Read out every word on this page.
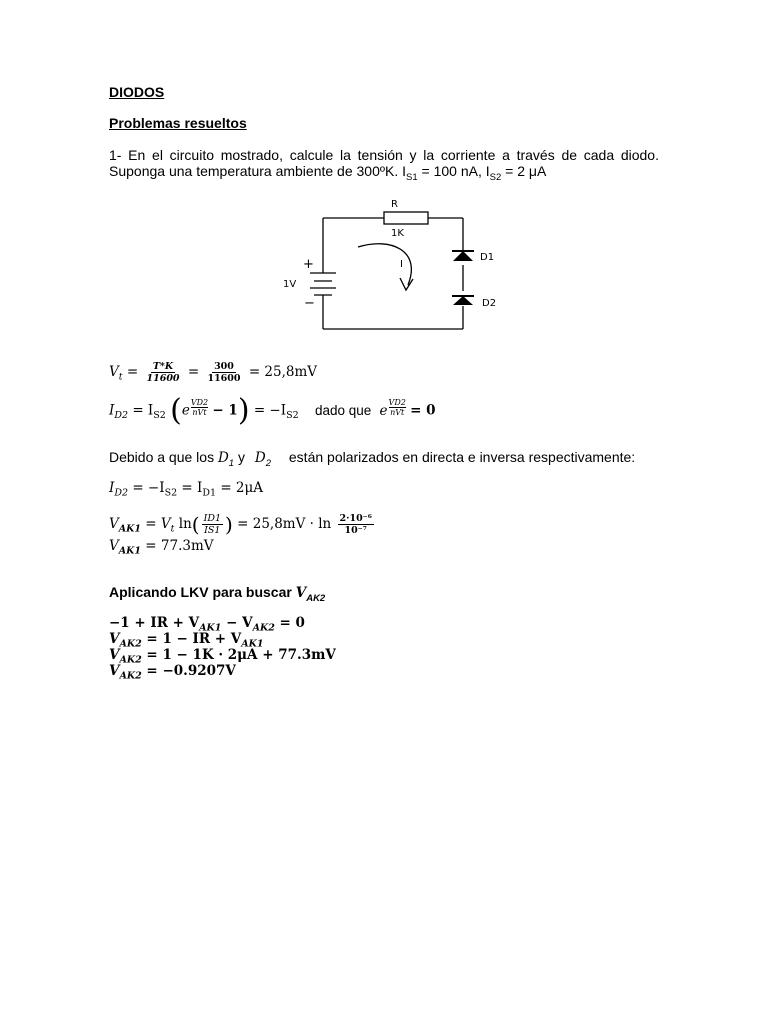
DIODOS
Problemas resueltos
1- En el circuito mostrado, calcule la tensión y la corriente a través de cada diodo.
Suponga una temperatura ambiente de 300ºK. $I_{S1} = 100$ nA, $I_{S2} = 2$ μA
R
1K
1V
+
−
I
D1
D2
$V_t = \frac{T*K}{11600} = \frac{300}{11600} = 25,8mV$
$I_{D2} = I_{S2}$ (e
VD2
nVt − $1) = -I_{S2}$ dado que e
VD2
nVt = 0
Debido a que los $D_1$ y $D_2$ están polarizados en directa e inversa respectivamente:
$I_{D2} = -I_{S2} = I_{D1} = 2\mu A$
$V_{AK1} = V_t$ $\ln( \frac{ID1}{IS1}$ ) = $25,8mV \cdot \ln \frac{\text{2·10⁻⁶}}{\text{10⁻⁷}}$
$V_{AK1} = 77.3mV$
Aplicando LKV para buscar $V_{AK2}$
−1 + IR + $V_{AK1} - V_{AK2} = 0$
$V_{AK2} = 1$ − IR + $V_{AK1}$
$V_{AK2} = 1 - 1K \cdot 2\mu A + 77.3mV$
$V_{AK2} = -0.9207V$
